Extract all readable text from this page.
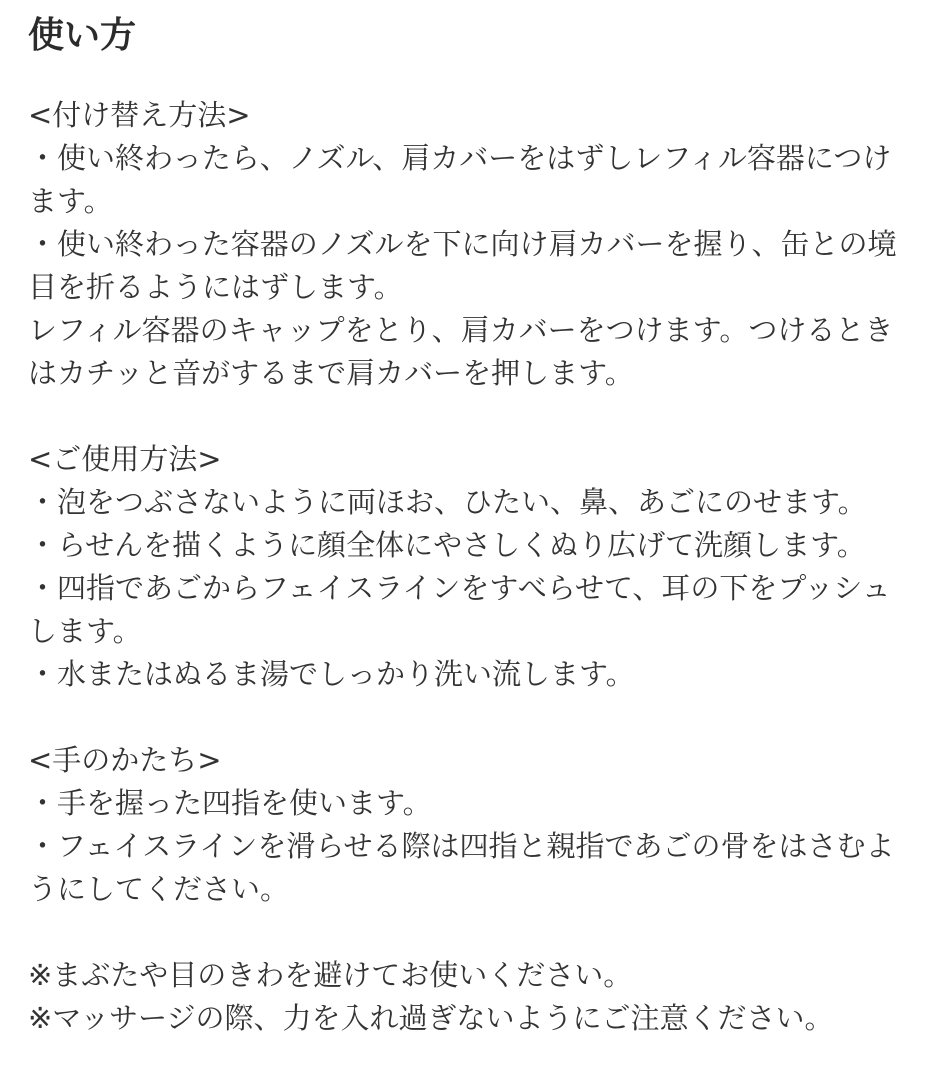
使い方

<付け替え方法>

・使い終わったら、ノズル、肩カバーをはずしレフィル容器につけます。

・使い終わった容器のノズルを下に向け肩カバーを握り、缶との境目を折るようにはずします。

レフィル容器のキャップをとり、肩カバーをつけます。つけるときはカチッと音がするまで肩カバーを押します。

<ご使用方法>

・泡をつぶさないように両ほお、ひたい、鼻、あごにのせます。

・らせんを描くように顔全体にやさしくぬり広げて洗顔します。

・四指であごからフェイスラインをすべらせて、耳の下をプッシュします。

・水またはぬるま湯でしっかり洗い流します。

<手のかたち>

・手を握った四指を使います。

・フェイスラインを滑らせる際は四指と親指であごの骨をはさむようにしてください。

※まぶたや目のきわを避けてお使いください。

※マッサージの際、力を入れ過ぎないようにご注意ください。
